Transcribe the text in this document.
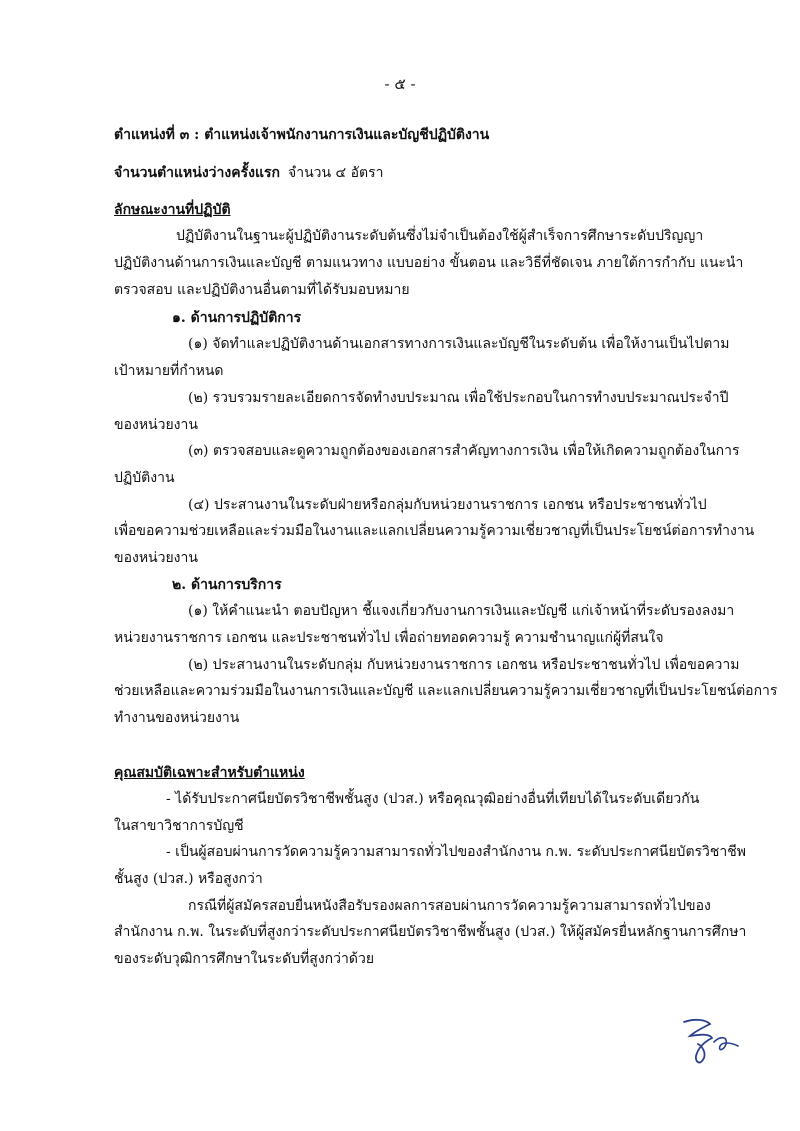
- ๕ -
ตำแหน่งที่ ๓ : ตำแหน่งเจ้าพนักงานการเงินและบัญชีปฏิบัติงาน
จำนวนตำแหน่งว่างครั้งแรก จำนวน ๔ อัตรา
ลักษณะงานที่ปฏิบัติ
ปฏิบัติงานในฐานะผู้ปฏิบัติงานระดับต้นซึ่งไม่จำเป็นต้องใช้ผู้สำเร็จการศึกษาระดับปริญญา
ปฏิบัติงานด้านการเงินและบัญชี ตามแนวทาง แบบอย่าง ขั้นตอน และวิธีที่ชัดเจน ภายใต้การกำกับ แนะนำ
ตรวจสอบ และปฏิบัติงานอื่นตามที่ได้รับมอบหมาย
๑. ด้านการปฏิบัติการ
(๑) จัดทำและปฏิบัติงานด้านเอกสารทางการเงินและบัญชีในระดับต้น เพื่อให้งานเป็นไปตาม
เป้าหมายที่กำหนด
(๒) รวบรวมรายละเอียดการจัดทำงบประมาณ เพื่อใช้ประกอบในการทำงบประมาณประจำปี
ของหน่วยงาน
(๓) ตรวจสอบและดูความถูกต้องของเอกสารสำคัญทางการเงิน เพื่อให้เกิดความถูกต้องในการ
ปฏิบัติงาน
(๔) ประสานงานในระดับฝ่ายหรือกลุ่มกับหน่วยงานราชการ เอกชน หรือประชาชนทั่วไป
เพื่อขอความช่วยเหลือและร่วมมือในงานและแลกเปลี่ยนความรู้ความเชี่ยวชาญที่เป็นประโยชน์ต่อการทำงาน
ของหน่วยงาน
๒. ด้านการบริการ
(๑) ให้คำแนะนำ ตอบปัญหา ชี้แจงเกี่ยวกับงานการเงินและบัญชี แก่เจ้าหน้าที่ระดับรองลงมา
หน่วยงานราชการ เอกชน และประชาชนทั่วไป เพื่อถ่ายทอดความรู้ ความชำนาญแก่ผู้ที่สนใจ
(๒) ประสานงานในระดับกลุ่ม กับหน่วยงานราชการ เอกชน หรือประชาชนทั่วไป เพื่อขอความ
ช่วยเหลือและความร่วมมือในงานการเงินและบัญชี และแลกเปลี่ยนความรู้ความเชี่ยวชาญที่เป็นประโยชน์ต่อการ
ทำงานของหน่วยงาน
คุณสมบัติเฉพาะสำหรับตำแหน่ง
- ได้รับประกาศนียบัตรวิชาชีพชั้นสูง (ปวส.) หรือคุณวุฒิอย่างอื่นที่เทียบได้ในระดับเดียวกัน
ในสาขาวิชาการบัญชี
- เป็นผู้สอบผ่านการวัดความรู้ความสามารถทั่วไปของสำนักงาน ก.พ. ระดับประกาศนียบัตรวิชาชีพ
ชั้นสูง (ปวส.) หรือสูงกว่า
กรณีที่ผู้สมัครสอบยื่นหนังสือรับรองผลการสอบผ่านการวัดความรู้ความสามารถทั่วไปของ
สำนักงาน ก.พ. ในระดับที่สูงกว่าระดับประกาศนียบัตรวิชาชีพชั้นสูง (ปวส.) ให้ผู้สมัครยื่นหลักฐานการศึกษา
ของระดับวุฒิการศึกษาในระดับที่สูงกว่าด้วย
